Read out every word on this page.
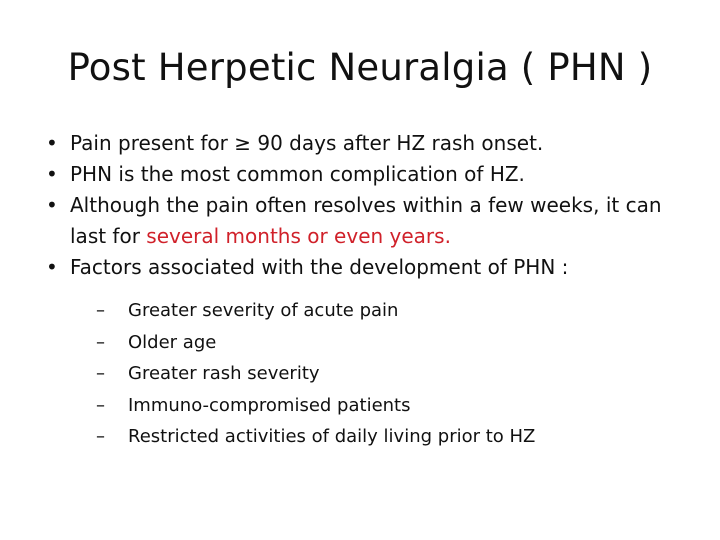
Post Herpetic Neuralgia ( PHN )
• Pain present for ≥ 90 days after HZ rash onset.
• PHN is the most common complication of HZ.
• Although the pain often resolves within a few weeks, it can last for several months or even years.
• Factors associated with the development of PHN :
–	Greater severity of acute pain
–	Older age
–	Greater rash severity
–	Immuno-compromised patients
–	Restricted activities of daily living prior to HZ
